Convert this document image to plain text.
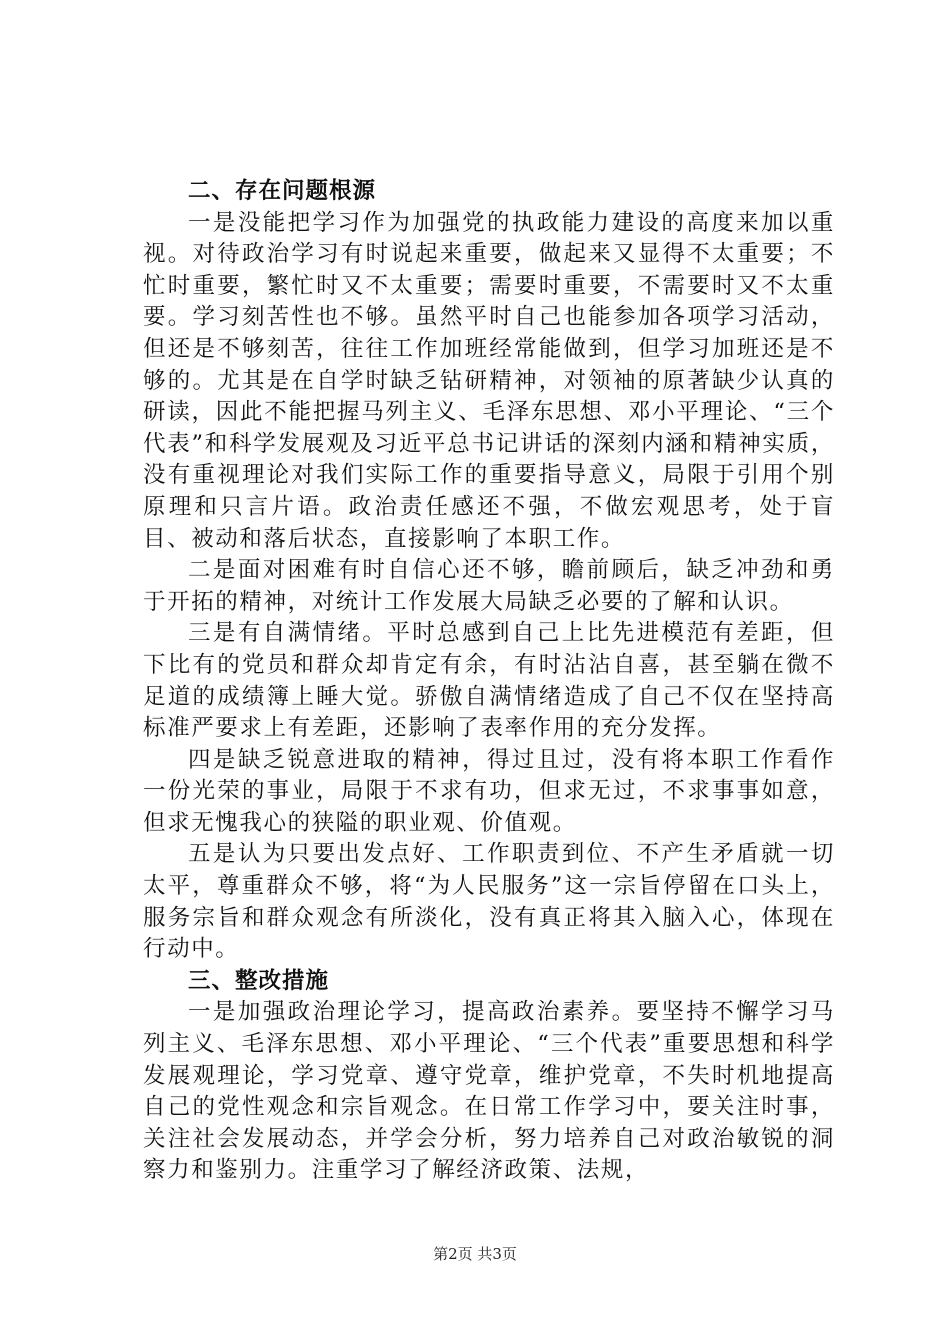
二、存在问题根源

一是没能把学习作为加强党的执政能力建设的高度来加以重视。对待政治学习有时说起来重要，做起来又显得不太重要；不忙时重要，繁忙时又不太重要；需要时重要，不需要时又不太重要。学习刻苦性也不够。虽然平时自己也能参加各项学习活动，但还是不够刻苦，往往工作加班经常能做到，但学习加班还是不够的。尤其是在自学时缺乏钻研精神，对领袖的原著缺少认真的研读，因此不能把握马列主义、毛泽东思想、邓小平理论、“三个代表”和科学发展观及习近平总书记讲话的深刻内涵和精神实质，没有重视理论对我们实际工作的重要指导意义，局限于引用个别原理和只言片语。政治责任感还不强，不做宏观思考，处于盲目、被动和落后状态，直接影响了本职工作。

二是面对困难有时自信心还不够，瞻前顾后，缺乏冲劲和勇于开拓的精神，对统计工作发展大局缺乏必要的了解和认识。

三是有自满情绪。平时总感到自己上比先进模范有差距，但下比有的党员和群众却肯定有余，有时沾沾自喜，甚至躺在微不足道的成绩簿上睡大觉。骄傲自满情绪造成了自己不仅在坚持高标准严要求上有差距，还影响了表率作用的充分发挥。

四是缺乏锐意进取的精神，得过且过，没有将本职工作看作一份光荣的事业，局限于不求有功，但求无过，不求事事如意，但求无愧我心的狭隘的职业观、价值观。

五是认为只要出发点好、工作职责到位、不产生矛盾就一切太平，尊重群众不够，将“为人民服务”这一宗旨停留在口头上，服务宗旨和群众观念有所淡化，没有真正将其入脑入心，体现在行动中。

三、整改措施

一是加强政治理论学习，提高政治素养。要坚持不懈学习马列主义、毛泽东思想、邓小平理论、“三个代表”重要思想和科学发展观理论，学习党章、遵守党章，维护党章，不失时机地提高自己的党性观念和宗旨观念。在日常工作学习中，要关注时事，关注社会发展动态，并学会分析，努力培养自己对政治敏锐的洞察力和鉴别力。注重学习了解经济政策、法规，

第2页 共3页
